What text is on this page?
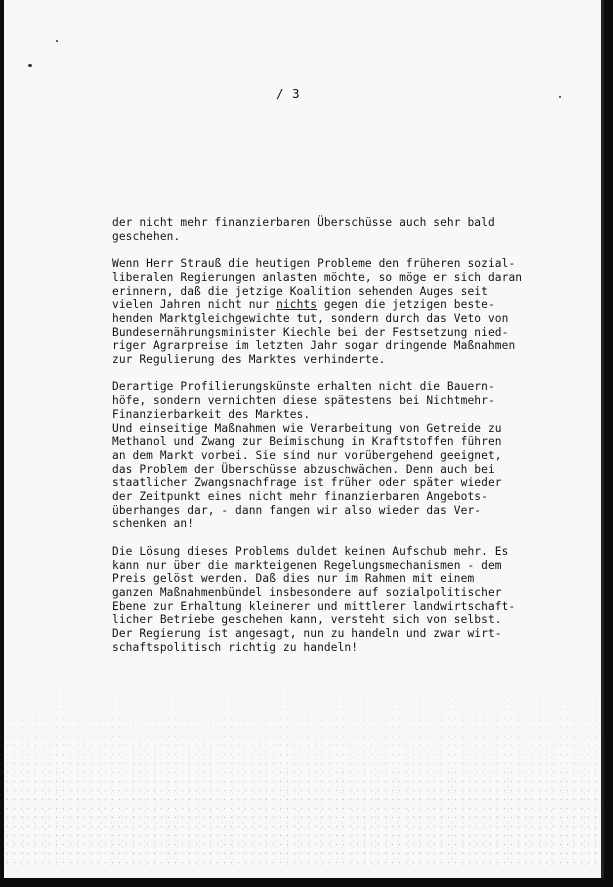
/ 3

der nicht mehr finanzierbaren Überschüsse auch sehr bald
geschehen.

Wenn Herr Strauß die heutigen Probleme den früheren sozial-
liberalen Regierungen anlasten möchte, so möge er sich daran
erinnern, daß die jetzige Koalition sehenden Auges seit
vielen Jahren nicht nur nichts gegen die jetzigen beste-
henden Marktgleichgewichte tut, sondern durch das Veto von
Bundesernährungsminister Kiechle bei der Festsetzung nied-
riger Agrarpreise im letzten Jahr sogar dringende Maßnahmen
zur Regulierung des Marktes verhinderte.

Derartige Profilierungskünste erhalten nicht die Bauern-
höfe, sondern vernichten diese spätestens bei Nichtmehr-
Finanzierbarkeit des Marktes.
Und einseitige Maßnahmen wie Verarbeitung von Getreide zu
Methanol und Zwang zur Beimischung in Kraftstoffen führen
an dem Markt vorbei. Sie sind nur vorübergehend geeignet,
das Problem der Überschüsse abzuschwächen. Denn auch bei
staatlicher Zwangsnachfrage ist früher oder später wieder
der Zeitpunkt eines nicht mehr finanzierbaren Angebots-
überhanges dar, - dann fangen wir also wieder das Ver-
schenken an!

Die Lösung dieses Problems duldet keinen Aufschub mehr. Es
kann nur über die markteigenen Regelungsmechanismen - dem
Preis gelöst werden. Daß dies nur im Rahmen mit einem
ganzen Maßnahmenbündel insbesondere auf sozialpolitischer
Ebene zur Erhaltung kleinerer und mittlerer landwirtschaft-
licher Betriebe geschehen kann, versteht sich von selbst.
Der Regierung ist angesagt, nun zu handeln und zwar wirt-
schaftspolitisch richtig zu handeln!
